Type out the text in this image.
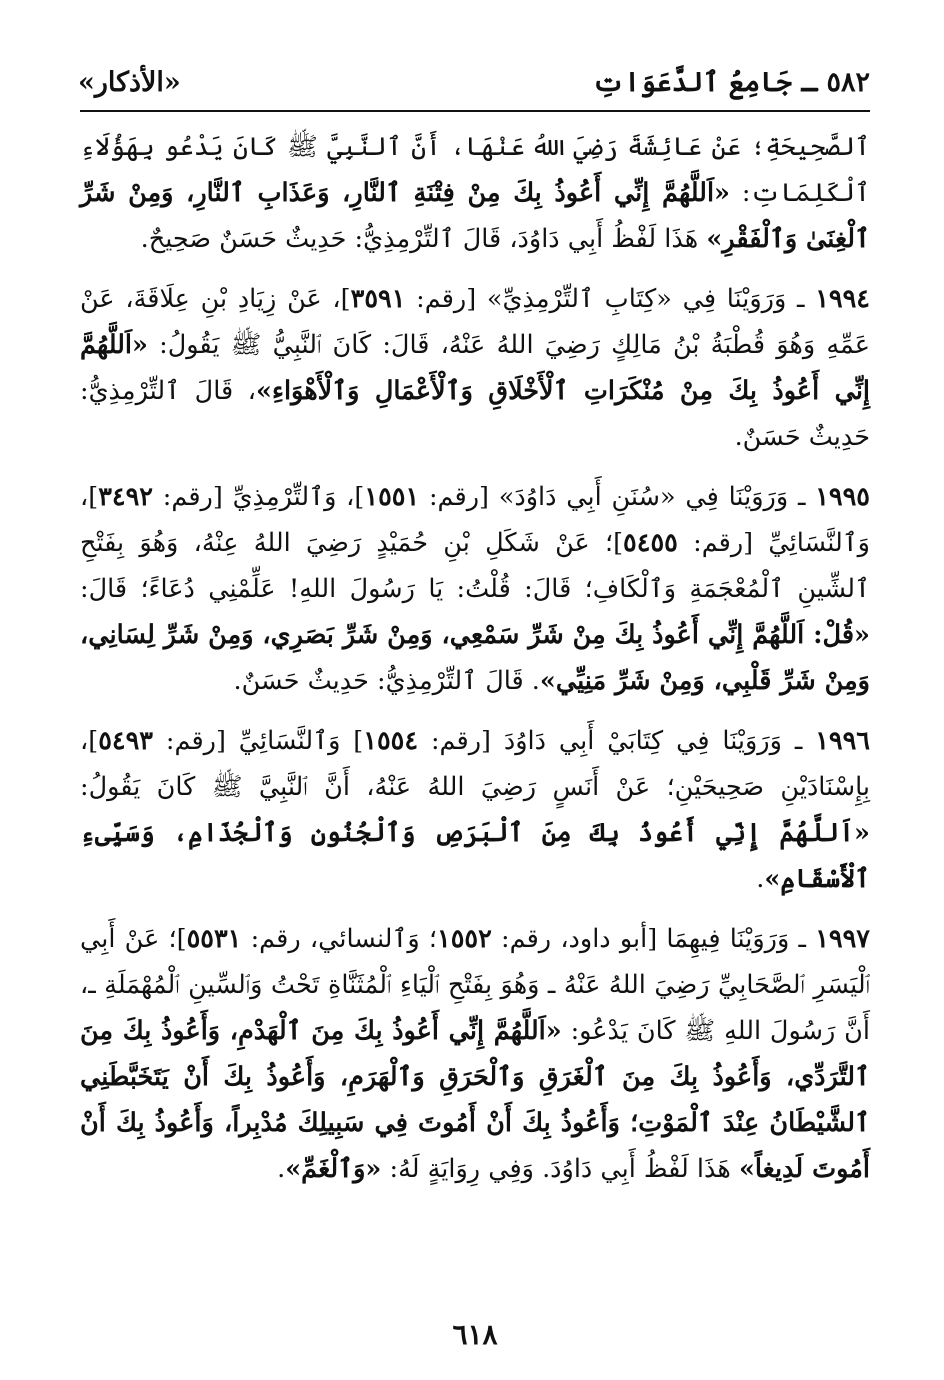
٥٨٢ ـ جَامِعُ ٱلدَّعَوَاتِ
«الأذكار»

ٱلصَّحِيحَةِ؛ عَنْ عَائِشَةَ رَضِيَ اللهُ عَنْهَا، أَنَّ ٱلنَّبِيَّ ﷺ كَانَ يَدْعُو بِهَؤُلَاءِ ٱلْكَلِمَاتِ: «اَللَّهُمَّ إِنِّي أَعُوذُ بِكَ مِنْ فِتْنَةِ ٱلنَّارِ، وَعَذَابِ ٱلنَّارِ، وَمِنْ شَرِّ ٱلْغِنَىٰ وَٱلْفَقْرِ» هَذَا لَفْظُ أَبِي دَاوُدَ، قَالَ ٱلتِّرْمِذِيُّ: حَدِيثٌ حَسَنٌ صَحِيحٌ.

١٩٩٤ ـ وَرَوَيْنَا فِي «كِتَابِ ٱلتِّرْمِذِيِّ» [رقم: ٣٥٩١]، عَنْ زِيَادِ بْنِ عِلَاقَةَ، عَنْ عَمِّهِ وَهُوَ قُطْبَةُ بْنُ مَالِكٍ رَضِيَ اللهُ عَنْهُ، قَالَ: كَانَ ٱلنَّبِيُّ ﷺ يَقُولُ: «اَللَّهُمَّ إِنِّي أَعُوذُ بِكَ مِنْ مُنْكَرَاتِ ٱلْأَخْلَاقِ وَٱلْأَعْمَالِ وَٱلْأَهْوَاءِ»، قَالَ ٱلتِّرْمِذِيُّ: حَدِيثٌ حَسَنٌ.

١٩٩٥ ـ وَرَوَيْنَا فِي «سُنَنِ أَبِي دَاوُدَ» [رقم: ١٥٥١]، وَٱلتِّرْمِذِيِّ [رقم: ٣٤٩٢]، وَٱلنَّسَائِيِّ [رقم: ٥٤٥٥]؛ عَنْ شَكَلِ بْنِ حُمَيْدٍ رَضِيَ اللهُ عِنْهُ، وَهُوَ بِفَتْحِ ٱلشِّينِ ٱلْمُعْجَمَةِ وَٱلْكَافِ؛ قَالَ: قُلْتُ: يَا رَسُولَ اللهِ! عَلِّمْنِي دُعَاءً؛ قَالَ: «قُلْ: اَللَّهُمَّ إِنِّي أَعُوذُ بِكَ مِنْ شَرِّ سَمْعِي، وَمِنْ شَرِّ بَصَرِي، وَمِنْ شَرِّ لِسَانِي، وَمِنْ شَرِّ قَلْبِي، وَمِنْ شَرِّ مَنِيِّي». قَالَ ٱلتِّرْمِذِيُّ: حَدِيثٌ حَسَنٌ.

١٩٩٦ ـ وَرَوَيْنَا فِي كِتَابَيْ أَبِي دَاوُدَ [رقم: ١٥٥٤] وَٱلنَّسَائِيِّ [رقم: ٥٤٩٣]، بِإِسْنَادَيْنِ صَحِيحَيْنِ؛ عَنْ أَنَسٍ رَضِيَ اللهُ عَنْهُ، أَنَّ ٱلنَّبِيَّ ﷺ كَانَ يَقُولُ: «اَللَّهُمَّ إِنِّي أَعُوذُ بِكَ مِنَ ٱلْبَرَصِ وَٱلْجُنُونِ وَٱلْجُذَامِ، وَسَيِّىءِ ٱلْأَسْقَامِ».

١٩٩٧ ـ وَرَوَيْنَا فِيهِمَا [أبو داود، رقم: ١٥٥٢؛ وَٱلنسائي، رقم: ٥٥٣١]؛ عَنْ أَبِي ٱلْيَسَرِ ٱلصَّحَابِيِّ رَضِيَ اللهُ عَنْهُ ـ وَهُوَ بِفَتْحِ ٱلْيَاءِ ٱلْمُثَنَّاةِ تَحْتُ وَٱلسِّينِ ٱلْمُهْمَلَةِ ـ، أَنَّ رَسُولَ اللهِ ﷺ كَانَ يَدْعُو: «اَللَّهُمَّ إِنِّي أَعُوذُ بِكَ مِنَ ٱلْهَدْمِ، وَأَعُوذُ بِكَ مِنَ ٱلتَّرَدِّي، وَأَعُوذُ بِكَ مِنَ ٱلْغَرَقِ وَٱلْحَرَقِ وَٱلْهَرَمِ، وَأَعُوذُ بِكَ أَنْ يَتَخَبَّطَنِي ٱلشَّيْطَانُ عِنْدَ ٱلْمَوْتِ؛ وَأَعُوذُ بِكَ أَنْ أَمُوتَ فِي سَبِيلِكَ مُدْبِراً، وَأَعُوذُ بِكَ أَنْ أَمُوتَ لَدِيغاً» هَذَا لَفْظُ أَبِي دَاوُدَ. وَفِي رِوَايَةٍ لَهُ: «وَٱلْغَمِّ».

٦١٨
